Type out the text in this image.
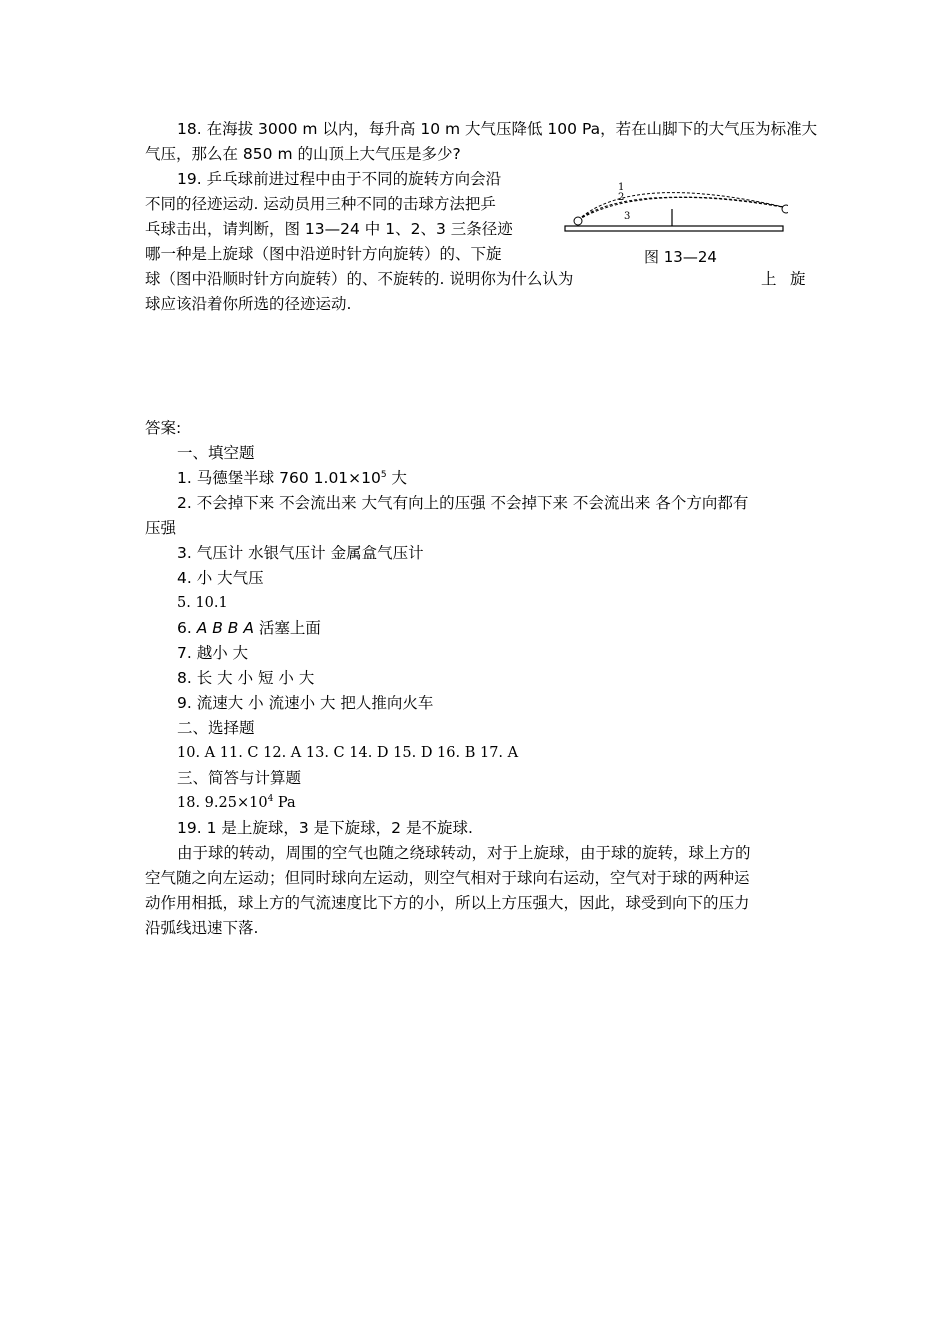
18. 在海拔 3000 m 以内，每升高 10 m 大气压降低 100 Pa，若在山脚下的大气压为标准大
气压，那么在 850 m 的山顶上大气压是多少?
19. 乒乓球前进过程中由于不同的旋转方向会沿
不同的径迹运动. 运动员用三种不同的击球方法把乒
乓球击出，请判断，图 13—24 中 1、2、3 三条径迹
哪一种是上旋球（图中沿逆时针方向旋转）的、下旋
球（图中沿顺时针方向旋转）的、不旋转的. 说明你为什么认为	上 旋
球应该沿着你所选的径迹运动.
1
2
3
图 13—24
答案:
一、填空题
1. 马德堡半球 760 $1.01\times 10^5$ 大
2. 不会掉下来 不会流出来 大气有向上的压强 不会掉下来 不会流出来 各个方向都有
压强
3. 气压计 水银气压计 金属盒气压计
4. 小 大气压
5. 10.1
6. A B B A 活塞上面
7. 越小 大
8. 长 大 小 短 小 大
9. 流速大 小 流速小 大 把人推向火车
二、选择题
10. A 11. C 12. A 13. C 14. D 15. D 16. B 17. A
三、简答与计算题
18. $9.25\times 10^4$ Pa
19. 1 是上旋球，3 是下旋球，2 是不旋球.
由于球的转动，周围的空气也随之绕球转动，对于上旋球，由于球的旋转，球上方的
空气随之向左运动；但同时球向左运动，则空气相对于球向右运动，空气对于球的两种运
动作用相抵，球上方的气流速度比下方的小，所以上方压强大，因此，球受到向下的压力
沿弧线迅速下落.
